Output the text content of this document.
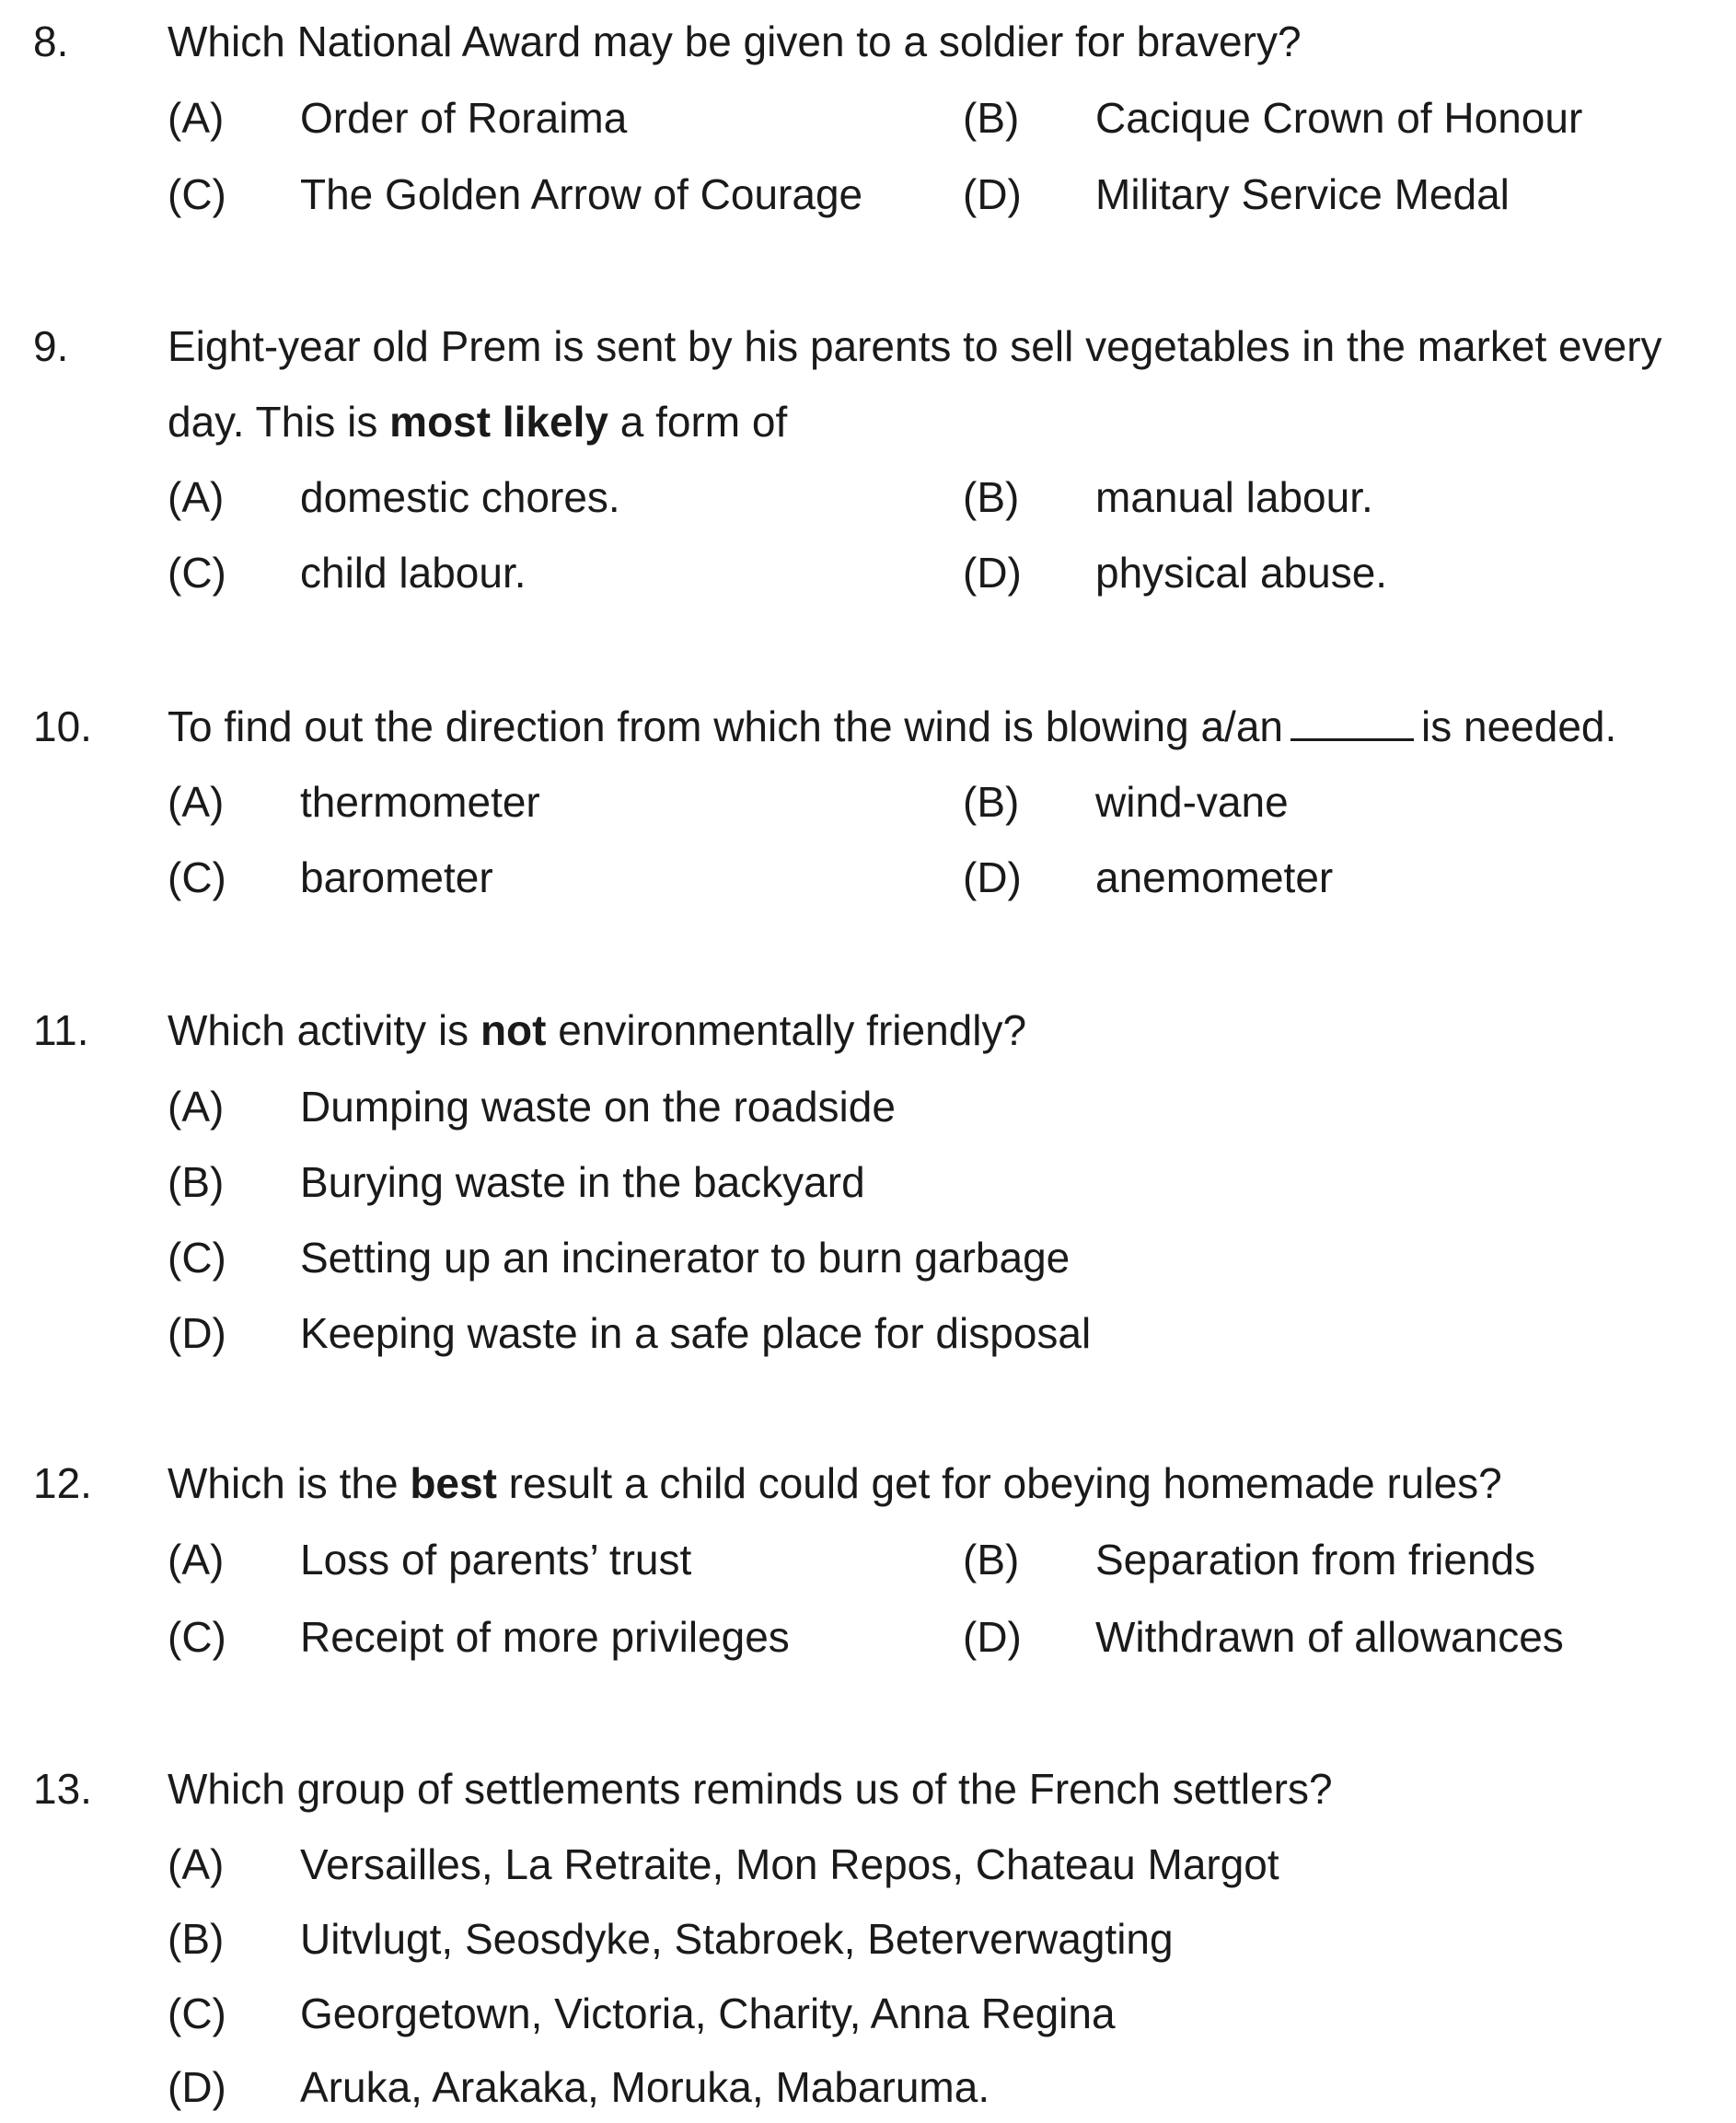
8. Which National Award may be given to a soldier for bravery?
(A) Order of Roraima	(B) Cacique Crown of Honour
(C) The Golden Arrow of Courage (D) Military Service Medal
9. Eight-year old Prem is sent by his parents to sell vegetables in the market every
day. This is most likely a form of
(A) domestic chores.	(B) manual labour.
(C) child labour.	(D) physical abuse.
10. To find out the direction from which the wind is blowing a/an	is needed.
(A) thermometer	(B) wind-vane
(C) barometer	(D) anemometer
11. Which activity is not environmentally friendly?
(A) Dumping waste on the roadside
(B) Burying waste in the backyard
(C) Setting up an incinerator to burn garbage
(D) Keeping waste in a safe place for disposal
12. Which is the best result a child could get for obeying homemade rules?
(A) Loss of parents’ trust	(B) Separation from friends
(C) Receipt of more privileges	(D) Withdrawn of allowances
13. Which group of settlements reminds us of the French settlers?
(A) Versailles, La Retraite, Mon Repos, Chateau Margot
(B) Uitvlugt, Seosdyke, Stabroek, Beterverwagting
(C) Georgetown, Victoria, Charity, Anna Regina
(D) Aruka, Arakaka, Moruka, Mabaruma.
